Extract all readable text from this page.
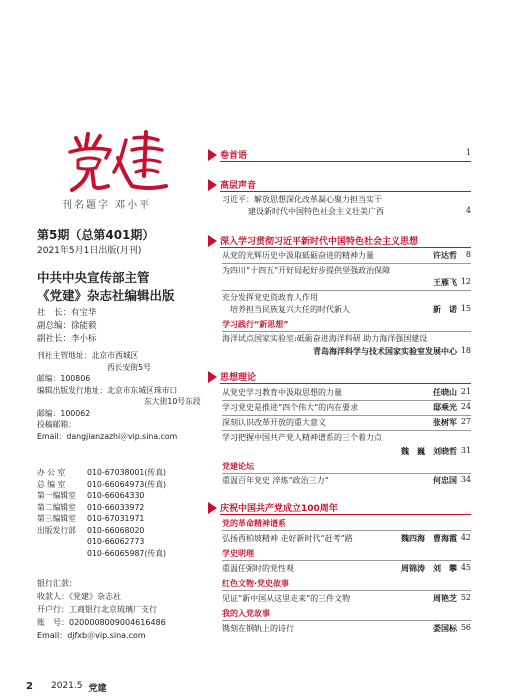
刊名题字 邓小平
第5期（总第401期）
2021年5月1日出版(月刊)
中共中央宣传部主管
《党建》杂志社编辑出版
社　长：有宝华
副总编：徐能毅
副社长：李小标
刊社主管地址：北京市西城区
西长安街5号
邮编：100806
编辑出版发行地址：北京市东城区珠市口
东大街10号东段
邮编：100062
投稿邮箱：
Email：dangjianzazhi＠vip.sina.com
办 公 室	010-67038001(传真)
总 编 室	010-66064973(传真)
第一编辑室	010-66064330
第二编辑室	010-66033972
第三编辑室	010-67031971
出版发行部	010-66068020
010-66062773
010-66065987(传真)
银行汇款：
收款人：《党建》杂志社
开户行：工商银行北京琉璃厂支行
账　号：0200008009004616486
Email：djfxb＠vip.sina.com
卷首语	1
高层声音
习近平：解放思想深化改革凝心聚力担当实干
建设新时代中国特色社会主义壮美广西	4
深入学习贯彻习近平新时代中国特色社会主义思想
从党的光辉历史中汲取砥砺奋进的精神力量	许达哲 8
为四川“十四五”开好局起好步提供坚强政治保障
王雁飞 12
充分发挥党史资政育人作用
培养担当民族复兴大任的时代新人	新　诺 15
学习践行“新思想”
海洋试点国家实验室:砥砺奋进海洋科研 助力海洋强国建设
青岛海洋科学与技术国家实验室发展中心 18
思想理论
从党史学习教育中汲取思想的力量	任晓山 21
学习党史是推进“四个伟大”的内在要求	邸乘光 24
深刻认识改革开放的重大意义	张树军 27
学习把握中国共产党人精神谱系的三个着力点
魏　巍　刘晓哲 31
党建论坛
重温百年党史 淬炼“政治三力”	何忠国 34
庆祝中国共产党成立100周年
党的革命精神谱系
弘扬西柏坡精神 走好新时代“赶考”路	魏四海　曹海霞 42
学史明理
重温任弼时的党性观	周锦涛　刘　攀 45
红色文物·党史故事
见证“新中国从这里走来”的三件文物	周艳芝 52
我的入党故事
镌刻在钢轨上的诗行	娄国标 56
2 2021.5 党建
